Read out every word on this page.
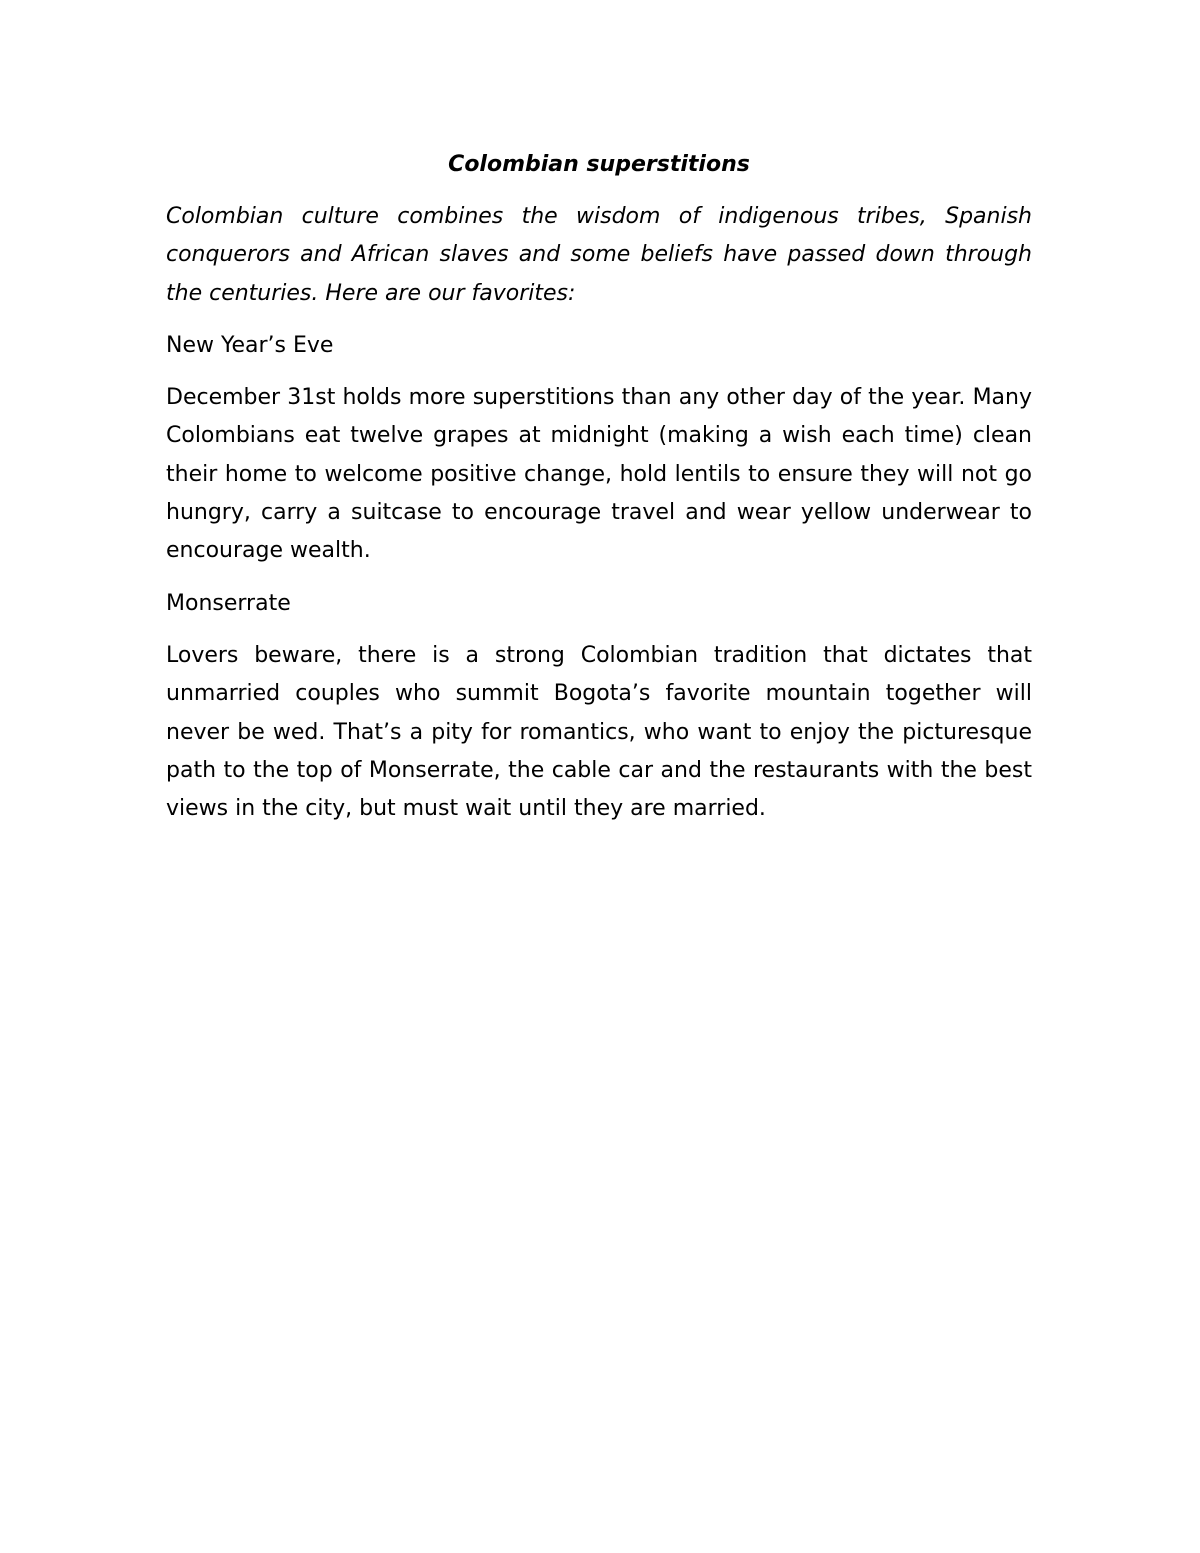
Colombian superstitions

Colombian culture combines the wisdom of indigenous tribes, Spanish conquerors and African slaves and some beliefs have passed down through the centuries. Here are our favorites:

New Year’s Eve

December 31st holds more superstitions than any other day of the year. Many Colombians eat twelve grapes at midnight (making a wish each time) clean their home to welcome positive change, hold lentils to ensure they will not go hungry, carry a suitcase to encourage travel and wear yellow underwear to encourage wealth.

Monserrate

Lovers beware, there is a strong Colombian tradition that dictates that unmarried couples who summit Bogota’s favorite mountain together will never be wed. That’s a pity for romantics, who want to enjoy the picturesque path to the top of Monserrate, the cable car and the restaurants with the best views in the city, but must wait until they are married.
